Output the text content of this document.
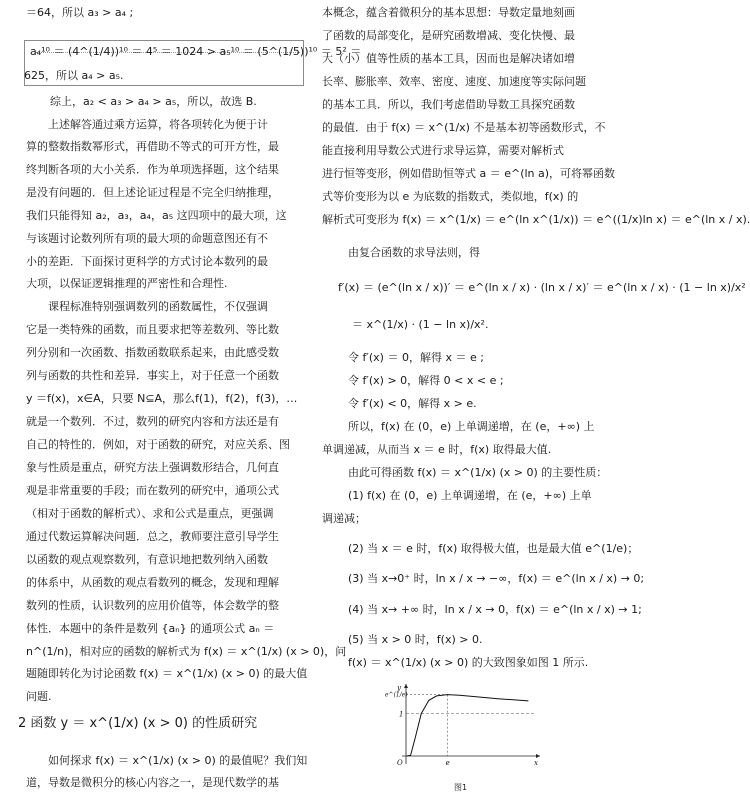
＝64，所以 a₃ > a₄ ;
a₄¹⁰ ＝ (4^(1/4))¹⁰ ＝ 4⁵ ＝ 1024 > a₅¹⁰ ＝ (5^(1/5))¹⁰ ＝ 5² ＝
625，所以 a₄ > a₅.
综上，a₂ < a₃ > a₄ > a₅，所以，故选 B.
上述解答通过乘方运算，将各项转化为便于计
算的整数指数幂形式，再借助不等式的可开方性，最
终判断各项的大小关系．作为单项选择题，这个结果
是没有问题的．但上述论证过程是不完全归纳推理，
我们只能得知 a₂，a₃，a₄，a₅ 这四项中的最大项，这
与该题讨论数列所有项的最大项的命题意图还有不
小的差距．下面探讨更科学的方式讨论本数列的最
大项，以保证逻辑推理的严密性和合理性.
课程标准特别强调数列的函数属性，不仅强调
它是一类特殊的函数，而且要求把等差数列、等比数
列分别和一次函数、指数函数联系起来，由此感受数
列与函数的共性和差异．事实上，对于任意一个函数
y ＝f(x)，x∈A，只要 N⊆A，那么f(1)，f(2)，f(3)，…
就是一个数列．不过，数列的研究内容和方法还是有
自己的特性的．例如，对于函数的研究，对应关系、图
象与性质是重点，研究方法上强调数形结合，几何直
观是非常重要的手段；而在数列的研究中，通项公式
（相对于函数的解析式）、求和公式是重点，更强调
通过代数运算解决问题．总之，教师要注意引导学生
以函数的观点观察数列，有意识地把数列纳入函数
的体系中，从函数的观点看数列的概念，发现和理解
数列的性质，认识数列的应用价值等，体会数学的整
体性．本题中的条件是数列 {aₙ} 的通项公式 aₙ ＝
n^(1/n)，相对应的函数的解析式为 f(x) ＝ x^(1/x) (x > 0)，问
题随即转化为讨论函数 f(x) ＝ x^(1/x) (x > 0) 的最大值
问题.
2 函数 y ＝ x^(1/x) (x > 0) 的性质研究
如何探求 f(x) ＝ x^(1/x) (x > 0) 的最值呢？我们知
道，导数是微积分的核心内容之一，是现代数学的基
本概念，蕴含着微积分的基本思想：导数定量地刻画
了函数的局部变化，是研究函数增减、变化快慢、最
大（小）值等性质的基本工具，因而也是解决诸如增
长率、膨胀率、效率、密度、速度、加速度等实际问题
的基本工具．所以，我们考虑借助导数工具探究函数
的最值．由于 f(x) ＝ x^(1/x) 不是基本初等函数形式，不
能直接利用导数公式进行求导运算，需要对解析式
进行恒等变形，例如借助恒等式 a ＝ e^(ln a)，可将幂函数
式等价变形为以 e 为底数的指数式，类似地，f(x) 的
解析式可变形为 f(x) ＝ x^(1/x) ＝ e^(ln x^(1/x)) ＝ e^((1/x)ln x) ＝ e^(ln x / x).
由复合函数的求导法则，得
f′(x) ＝ (e^(ln x / x))′ ＝ e^(ln x / x) · (ln x / x)′ ＝ e^(ln x / x) · (1 − ln x)/x²
＝ x^(1/x) · (1 − ln x)/x².
令 f′(x) ＝ 0，解得 x ＝ e ;
令 f′(x) > 0，解得 0 < x < e ;
令 f′(x) < 0，解得 x > e.
所以，f(x) 在 (0，e) 上单调递增，在 (e，+∞) 上
单调递减，从而当 x ＝ e 时，f(x) 取得最大值.
由此可得函数 f(x) ＝ x^(1/x) (x > 0) 的主要性质：
(1) f(x) 在 (0，e) 上单调递增，在 (e，+∞) 上单
调递减；
(2) 当 x ＝ e 时，f(x) 取得极大值，也是最大值 e^(1/e)；
(3) 当 x→0⁺ 时，ln x / x → −∞，f(x) ＝ e^(ln x / x) → 0;
(4) 当 x→ +∞ 时，ln x / x → 0，f(x) ＝ e^(ln x / x) → 1;
(5) 当 x > 0 时，f(x) > 0.
f(x) ＝ x^(1/x) (x > 0) 的大致图象如图 1 所示.
y
x
O	e
1
e^(1/e)
图1
